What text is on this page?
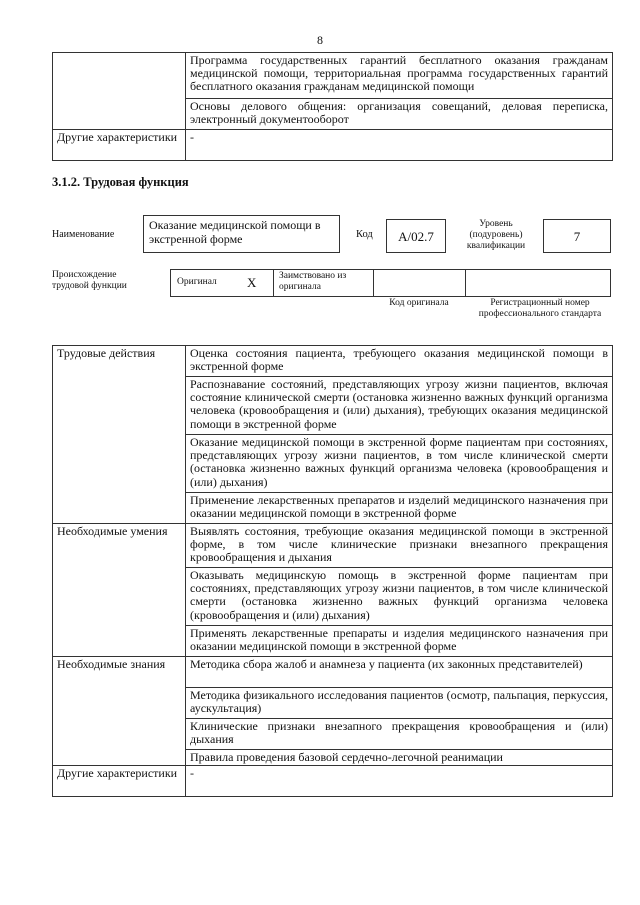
8
	Программа государственных гарантий бесплатного оказания гражданам медицинской помощи, территориальная программа государственных гарантий бесплатного оказания гражданам медицинской помощи
	Основы делового общения: организация совещаний, деловая переписка, электронный документооборот
Другие характеристики	-
3.1.2. Трудовая функция
Наименование
Оказание медицинской помощи в экстренной форме	Код	А/02.7
Уровень (подуровень) квалификации
7
Происхождение трудовой функции	Оригинал X Заимствовано из оригинала
Код оригинала	Регистрационный номер профессионального стандарта
Трудовые действия	Оценка состояния пациента, требующего оказания медицинской помощи в экстренной форме
	Распознавание состояний, представляющих угрозу жизни пациентов, включая состояние клинической смерти (остановка жизненно важных функций организма человека (кровообращения и (или) дыхания), требующих оказания медицинской помощи в экстренной форме
	Оказание медицинской помощи в экстренной форме пациентам при состояниях, представляющих угрозу жизни пациентов, в том числе клинической смерти (остановка жизненно важных функций организма человека (кровообращения и (или) дыхания)
	Применение лекарственных препаратов и изделий медицинского назначения при оказании медицинской помощи в экстренной форме
Необходимые умения	Выявлять состояния, требующие оказания медицинской помощи в экстренной форме, в том числе клинические признаки внезапного прекращения кровообращения и дыхания
	Оказывать медицинскую помощь в экстренной форме пациентам при состояниях, представляющих угрозу жизни пациентов, в том числе клинической смерти (остановка жизненно важных функций организма человека (кровообращения и (или) дыхания)
	Применять лекарственные препараты и изделия медицинского назначения при оказании медицинской помощи в экстренной форме
Необходимые знания	Методика сбора жалоб и анамнеза у пациента (их законных представителей)
	Методика физикального исследования пациентов (осмотр, пальпация, перкуссия, аускультация)
	Клинические признаки внезапного прекращения кровообращения и (или) дыхания
	Правила проведения базовой сердечно-легочной реанимации
Другие характеристики	-
